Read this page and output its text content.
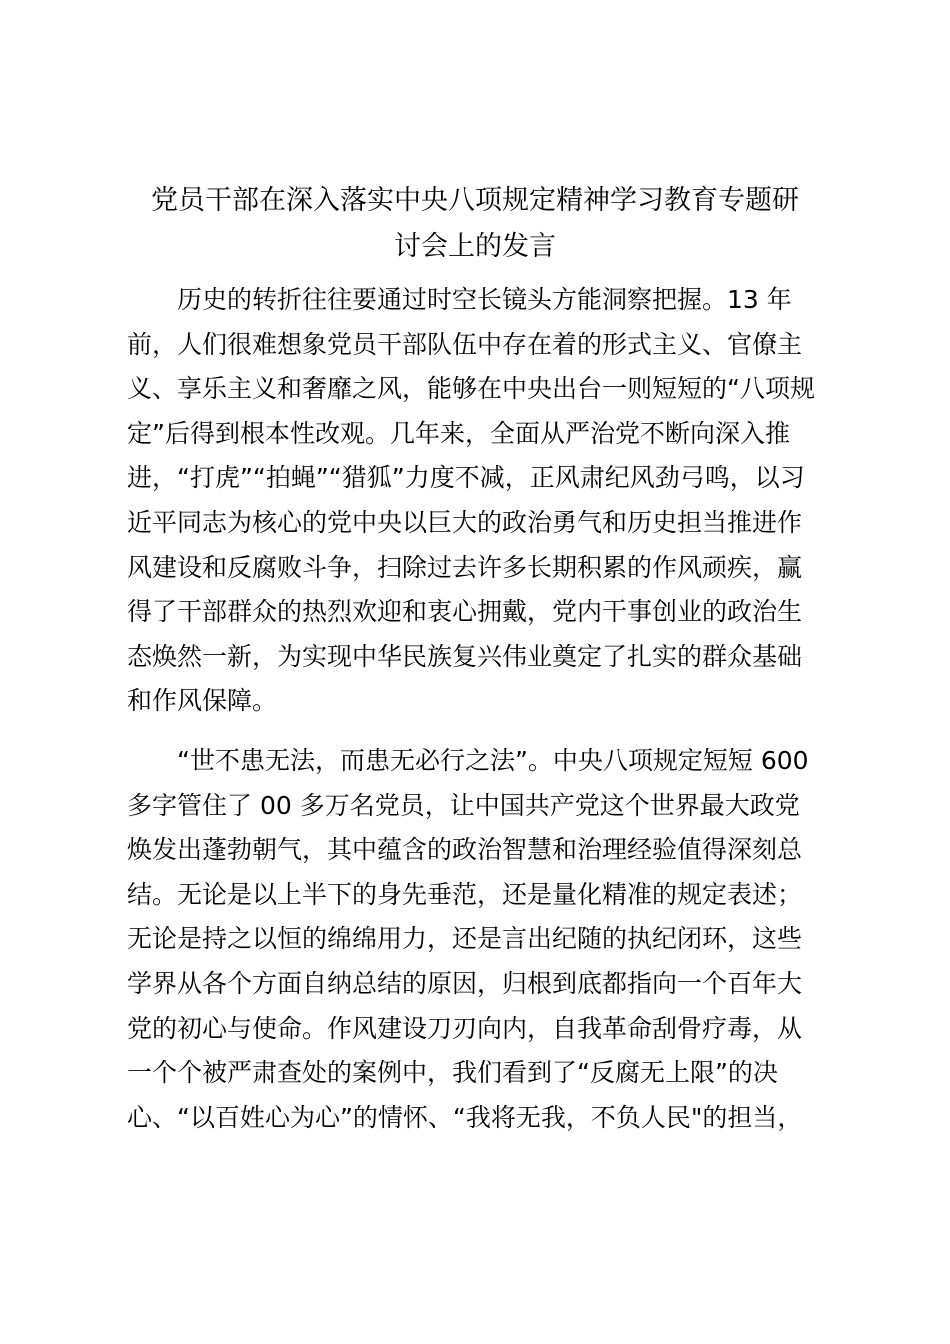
党员干部在深入落实中央八项规定精神学习教育专题研
讨会上的发言
历史的转折往往要通过时空长镜头方能洞察把握。13 年
前，人们很难想象党员干部队伍中存在着的形式主义、官僚主
义、享乐主义和奢靡之风，能够在中央出台一则短短的“八项规
定”后得到根本性改观。几年来，全面从严治党不断向深入推
进，“打虎”“拍蝇”“猎狐”力度不减，正风肃纪风劲弓鸣，以习
近平同志为核心的党中央以巨大的政治勇气和历史担当推进作
风建设和反腐败斗争，扫除过去许多长期积累的作风顽疾，赢
得了干部群众的热烈欢迎和衷心拥戴，党内干事创业的政治生
态焕然一新，为实现中华民族复兴伟业奠定了扎实的群众基础
和作风保障。
“世不患无法，而患无必行之法”。中央八项规定短短 600
多字管住了 00 多万名党员，让中国共产党这个世界最大政党
焕发出蓬勃朝气，其中蕴含的政治智慧和治理经验值得深刻总
结。无论是以上半下的身先垂范，还是量化精准的规定表述；
无论是持之以恒的绵绵用力，还是言出纪随的执纪闭环，这些
学界从各个方面自纳总结的原因，归根到底都指向一个百年大
党的初心与使命。作风建设刀刃向内，自我革命刮骨疗毒，从
一个个被严肃查处的案例中，我们看到了“反腐无上限”的决
心、“以百姓心为心”的情怀、“我将无我，不负人民"的担当，
